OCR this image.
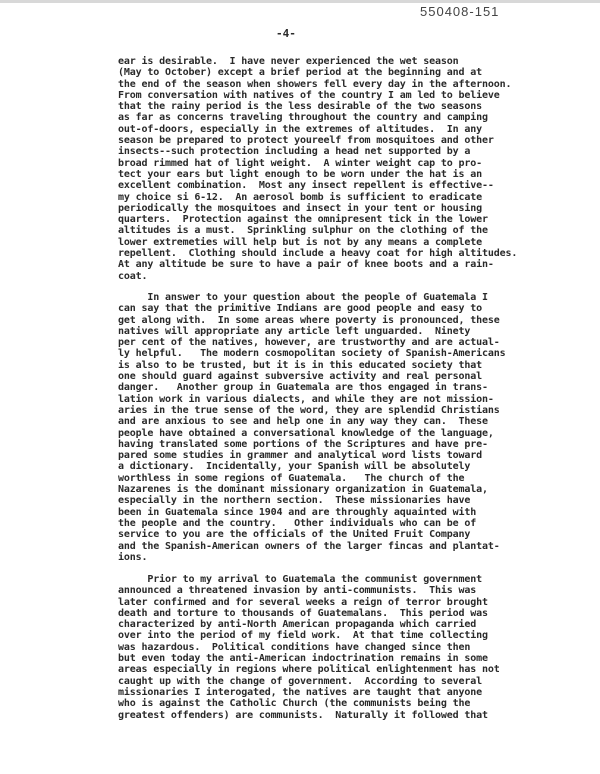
550408-151
-4-
ear is desirable.  I have never experienced the wet season
(May to October) except a brief period at the beginning and at
the end of the season when showers fell every day in the afternoon.
From conversation with natives of the country I am led to believe
that the rainy period is the less desirable of the two seasons
as far as concerns traveling throughout the country and camping
out-of-doors, especially in the extremes of altitudes.  In any
season be prepared to protect youreelf from mosquitoes and other
insects--such protection including a head net supported by a
broad rimmed hat of light weight.  A winter weight cap to pro-
tect your ears but light enough to be worn under the hat is an
excellent combination.  Most any insect repellent is effective--
my choice si 6-12.  An aerosol bomb is sufficient to eradicate
periodically the mosquitoes and insect in your tent or housing
quarters.  Protection against the omnipresent tick in the lower
altitudes is a must.  Sprinkling sulphur on the clothing of the
lower extremeties will help but is not by any means a complete
repellent.  Clothing should include a heavy coat for high altitudes.
At any altitude be sure to have a pair of knee boots and a rain-
coat.
In answer to your question about the people of Guatemala I
can say that the primitive Indians are good people and easy to
get along with.  In some areas where poverty is pronounced, these
natives will appropriate any article left unguarded.  Ninety
per cent of the natives, however, are trustworthy and are actual-
ly helpful.   The modern cosmopolitan society of Spanish-Americans
is also to be trusted, but it is in this educated society that
one should guard against subversive activity and real personal
danger.   Another group in Guatemala are thos engaged in trans-
lation work in various dialects, and while they are not mission-
aries in the true sense of the word, they are splendid Christians
and are anxious to see and help one in any way they can.  These
people have obtained a conversational knowledge of the language,
having translated some portions of the Scriptures and have pre-
pared some studies in grammer and analytical word lists toward
a dictionary.  Incidentally, your Spanish will be absolutely
worthless in some regions of Guatemala.   The church of the
Nazarenes is the dominant missionary organization in Guatemala,
especially in the northern section.  These missionaries have
been in Guatemala since 1904 and are throughly aquainted with
the people and the country.   Other individuals who can be of
service to you are the officials of the United Fruit Company
and the Spanish-American owners of the larger fincas and plantat-
ions.
Prior to my arrival to Guatemala the communist government
announced a threatened invasion by anti-communists.  This was
later confirmed and for several weeks a reign of terror brought
death and torture to thousands of Guatemalans.  This period was
characterized by anti-North American propaganda which carried
over into the period of my field work.  At that time collecting
was hazardous.  Political conditions have changed since then
but even today the anti-American indoctrination remains in some
areas especially in regions where political enlightenment has not
caught up with the change of government.  According to several
missionaries I interogated, the natives are taught that anyone
who is against the Catholic Church (the communists being the
greatest offenders) are communists.  Naturally it followed that
